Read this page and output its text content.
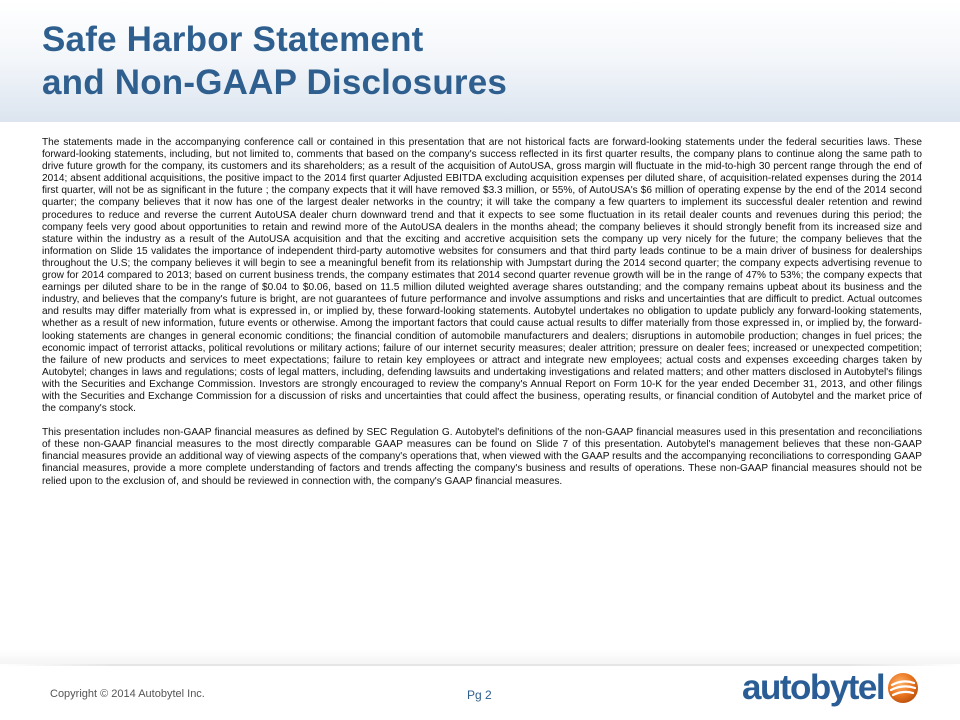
Safe Harbor Statement
and Non-GAAP Disclosures

The statements made in the accompanying conference call or contained in this presentation that are not historical facts are forward-looking statements under the federal securities laws. These forward-looking statements, including, but not limited to, comments that based on the company's success reflected in its first quarter results, the company plans to continue along the same path to drive future growth for the company, its customers and its shareholders; as a result of the acquisition of AutoUSA, gross margin will fluctuate in the mid-to-high 30 percent range through the end of 2014; absent additional acquisitions, the positive impact to the 2014 first quarter Adjusted EBITDA excluding acquisition expenses per diluted share, of acquisition-related expenses during the 2014 first quarter, will not be as significant in the future ; the company expects that it will have removed $3.3 million, or 55%, of AutoUSA's $6 million of operating expense by the end of the 2014 second quarter; the company believes that it now has one of the largest dealer networks in the country; it will take the company a few quarters to implement its successful dealer retention and rewind procedures to reduce and reverse the current AutoUSA dealer churn downward trend and that it expects to see some fluctuation in its retail dealer counts and revenues during this period; the company feels very good about opportunities to retain and rewind more of the AutoUSA dealers in the months ahead; the company believes it should strongly benefit from its increased size and stature within the industry as a result of the AutoUSA acquisition and that the exciting and accretive acquisition sets the company up very nicely for the future; the company believes that the information on Slide 15 validates the importance of independent third-party automotive websites for consumers and that third party leads continue to be a main driver of business for dealerships throughout the U.S; the company believes it will begin to see a meaningful benefit from its relationship with Jumpstart during the 2014 second quarter; the company expects advertising revenue to grow for 2014 compared to 2013; based on current business trends, the company estimates that 2014 second quarter revenue growth will be in the range of 47% to 53%; the company expects that earnings per diluted share to be in the range of $0.04 to $0.06, based on 11.5 million diluted weighted average shares outstanding; and the company remains upbeat about its business and the industry, and believes that the company's future is bright, are not guarantees of future performance and involve assumptions and risks and uncertainties that are difficult to predict. Actual outcomes and results may differ materially from what is expressed in, or implied by, these forward-looking statements. Autobytel undertakes no obligation to update publicly any forward-looking statements, whether as a result of new information, future events or otherwise. Among the important factors that could cause actual results to differ materially from those expressed in, or implied by, the forward-looking statements are changes in general economic conditions; the financial condition of automobile manufacturers and dealers; disruptions in automobile production; changes in fuel prices; the economic impact of terrorist attacks, political revolutions or military actions; failure of our internet security measures; dealer attrition; pressure on dealer fees; increased or unexpected competition; the failure of new products and services to meet expectations; failure to retain key employees or attract and integrate new employees; actual costs and expenses exceeding charges taken by Autobytel; changes in laws and regulations; costs of legal matters, including, defending lawsuits and undertaking investigations and related matters; and other matters disclosed in Autobytel's filings with the Securities and Exchange Commission. Investors are strongly encouraged to review the company's Annual Report on Form 10-K for the year ended December 31, 2013, and other filings with the Securities and Exchange Commission for a discussion of risks and uncertainties that could affect the business, operating results, or financial condition of Autobytel and the market price of the company's stock.

This presentation includes non-GAAP financial measures as defined by SEC Regulation G. Autobytel's definitions of the non-GAAP financial measures used in this presentation and reconciliations of these non-GAAP financial measures to the most directly comparable GAAP measures can be found on Slide 7 of this presentation. Autobytel's management believes that these non-GAAP financial measures provide an additional way of viewing aspects of the company's operations that, when viewed with the GAAP results and the accompanying reconciliations to corresponding GAAP financial measures, provide a more complete understanding of factors and trends affecting the company's business and results of operations. These non-GAAP financial measures should not be relied upon to the exclusion of, and should be reviewed in connection with, the company's GAAP financial measures.

Copyright © 2014 Autobytel Inc.	Pg 2	autobytel
